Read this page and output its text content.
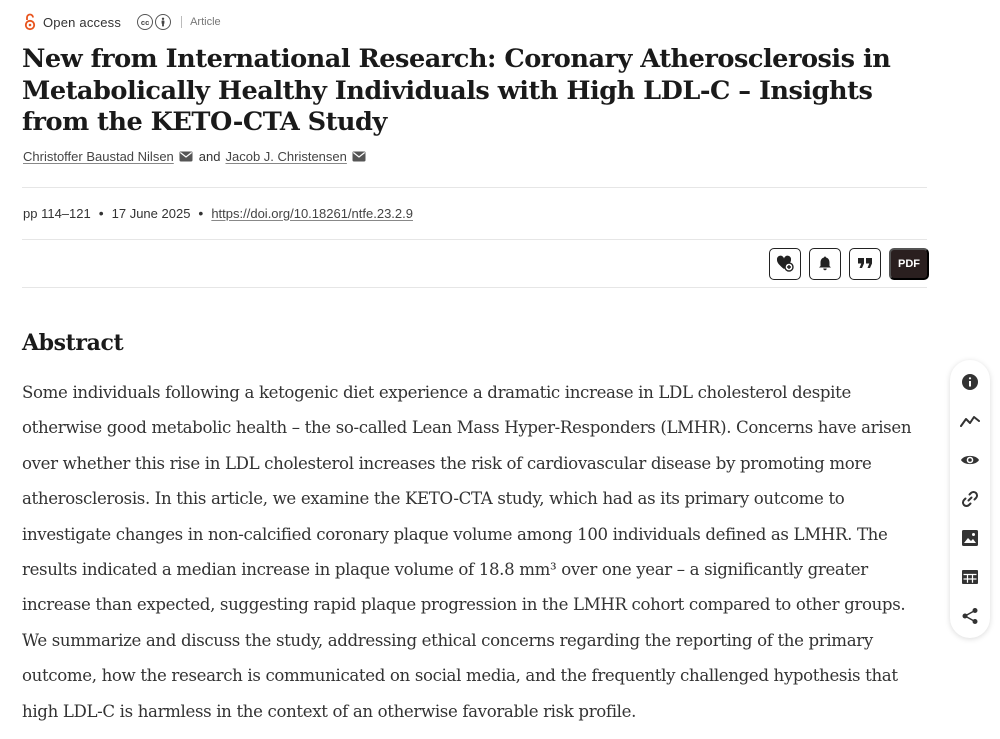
Open access	cc	Article
New from International Research: Coronary Atherosclerosis in Metabolically Healthy Individuals with High LDL-C – Insights from the KETO-CTA Study
Christoffer Baustad Nilsen and Jacob J. Christensen
pp 114–121 • 17 June 2025 • https://doi.org/10.18261/ntfe.23.2.9
PDF
Abstract

Some individuals following a ketogenic diet experience a dramatic increase in LDL cholesterol despite otherwise good metabolic health – the so-called Lean Mass Hyper-Responders (LMHR). Concerns have arisen over whether this rise in LDL cholesterol increases the risk of cardiovascular disease by promoting more atherosclerosis. In this article, we examine the KETO-CTA study, which had as its primary outcome to investigate changes in non-calcified coronary plaque volume among 100 individuals defined as LMHR. The results indicated a median increase in plaque volume of 18.8 mm³ over one year – a significantly greater increase than expected, suggesting rapid plaque progression in the LMHR cohort compared to other groups. We summarize and discuss the study, addressing ethical concerns regarding the reporting of the primary outcome, how the research is communicated on social media, and the frequently challenged hypothesis that high LDL-C is harmless in the context of an otherwise favorable risk profile.
